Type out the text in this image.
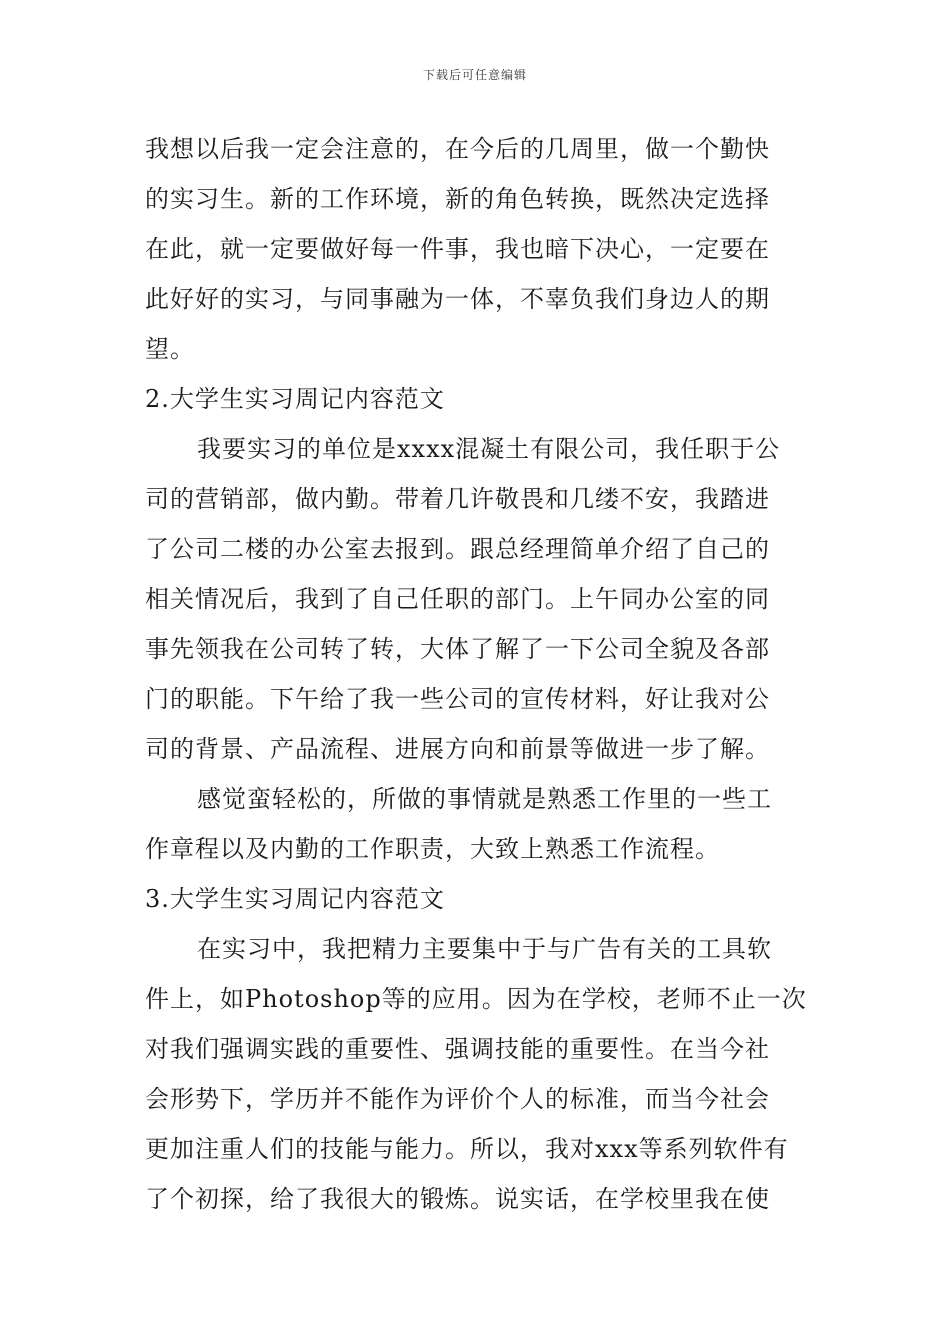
下载后可任意编辑
我想以后我一定会注意的，在今后的几周里，做一个勤快
的实习生。新的工作环境，新的角色转换，既然决定选择
在此，就一定要做好每一件事，我也暗下决心，一定要在
此好好的实习，与同事融为一体，不辜负我们身边人的期
望。
2.大学生实习周记内容范文
我要实习的单位是xxxx混凝土有限公司，我任职于公
司的营销部，做内勤。带着几许敬畏和几缕不安，我踏进
了公司二楼的办公室去报到。跟总经理简单介绍了自己的
相关情况后，我到了自己任职的部门。上午同办公室的同
事先领我在公司转了转，大体了解了一下公司全貌及各部
门的职能。下午给了我一些公司的宣传材料，好让我对公
司的背景、产品流程、进展方向和前景等做进一步了解。
感觉蛮轻松的，所做的事情就是熟悉工作里的一些工
作章程以及内勤的工作职责，大致上熟悉工作流程。
3.大学生实习周记内容范文
在实习中，我把精力主要集中于与广告有关的工具软
件上，如Photoshop等的应用。因为在学校，老师不止一次
对我们强调实践的重要性、强调技能的重要性。在当今社
会形势下，学历并不能作为评价个人的标准，而当今社会
更加注重人们的技能与能力。所以，我对xxx等系列软件有
了个初探，给了我很大的锻炼。说实话，在学校里我在使
